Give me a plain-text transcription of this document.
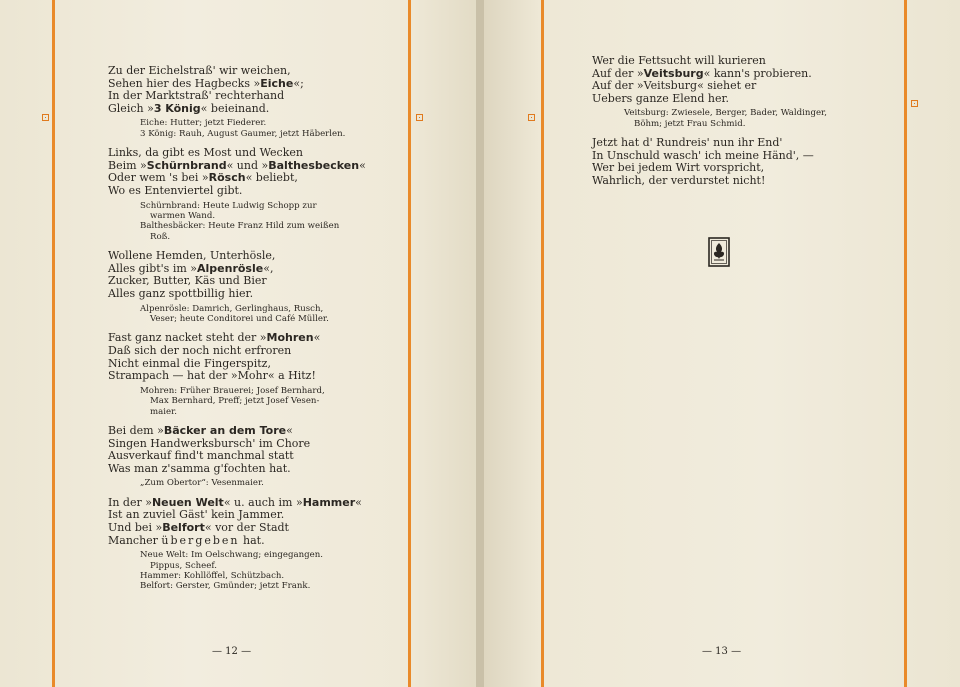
Zu der Eichelstraß' wir weichen,
Sehen hier des Hagbecks »Eiche«;
In der Marktstraß' rechterhand
Gleich »3 König« beieinand.
Eiche: Hutter; jetzt Fiederer.
3 König: Rauh, August Gaumer, jetzt Häberlen.
Links, da gibt es Most und Wecken
Beim »Schürnbrand« und »Balthesbecken«
Oder wem 's bei »Rösch« beliebt,
Wo es Entenviertel gibt.
Schürnbrand: Heute Ludwig Schopp zur
warmen Wand.
Balthesbäcker: Heute Franz Hild zum weißen
Roß.
Wollene Hemden, Unterhösle,
Alles gibt's im »Alpenrösle«,
Zucker, Butter, Käs und Bier
Alles ganz spottbillig hier.
Alpenrösle: Damrich, Gerlinghaus, Rusch,
Veser; heute Conditorei und Café Müller.
Fast ganz nacket steht der »Mohren«
Daß sich der noch nicht erfroren
Nicht einmal die Fingerspitz,
Strampach — hat der »Mohr« a Hitz!
Mohren: Früher Brauerei; Josef Bernhard,
Max Bernhard, Preff; jetzt Josef Vesen-
maier.
Bei dem »Bäcker an dem Tore«
Singen Handwerksbursch' im Chore
Ausverkauf find't manchmal statt
Was man z'samma g'fochten hat.
„Zum Obertor“: Vesenmaier.
In der »Neuen Welt« u. auch im »Hammer«
Ist an zuviel Gäst' kein Jammer.
Und bei »Belfort« vor der Stadt
Mancher übergeben hat.
Neue Welt: Im Oelschwang; eingegangen.
Pippus, Scheef.
Hammer: Kohllöffel, Schützbach.
Belfort: Gerster, Gmünder; jetzt Frank.
Wer die Fettsucht will kurieren
Auf der »Veitsburg« kann's probieren.
Auf der »Veitsburg« siehet er
Uebers ganze Elend her.
Veitsburg: Zwiesele, Berger, Bader, Waldinger,
Böhm; jetzt Frau Schmid.
Jetzt hat d' Rundreis' nun ihr End'
In Unschuld wasch' ich meine Händ', —
Wer bei jedem Wirt vorspricht,
Wahrlich, der verdurstet nicht!
— 12 —	— 13 —
